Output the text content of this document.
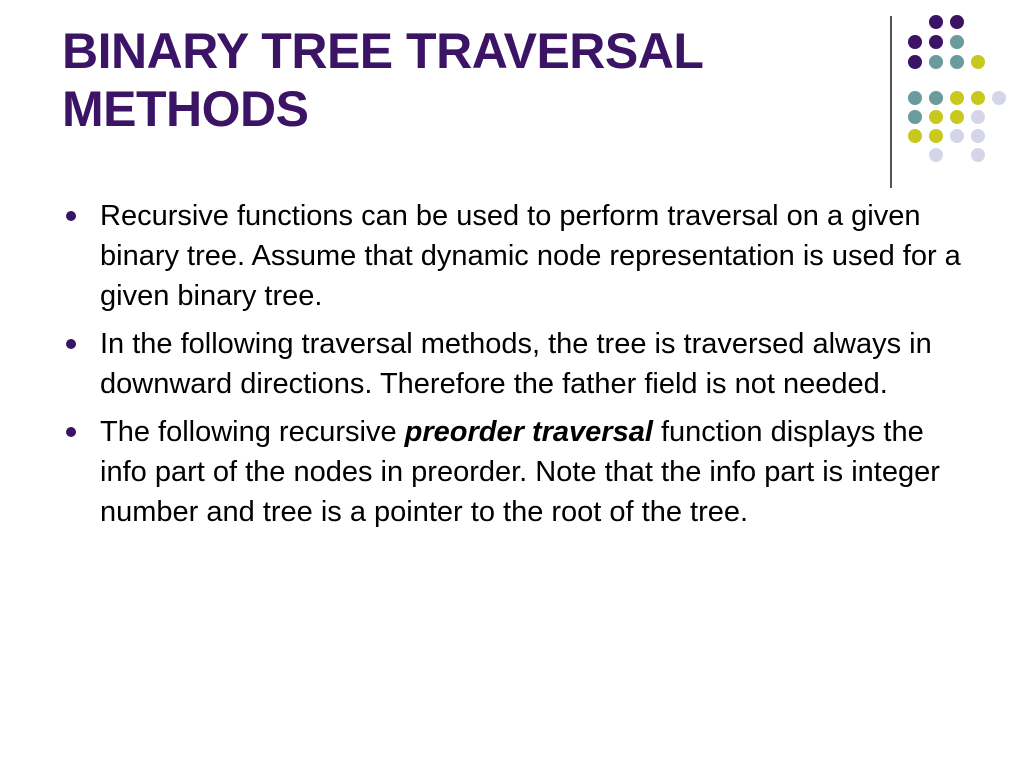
BINARY TREE TRAVERSAL
METHODS
Recursive functions can be used to perform traversal on a given binary tree. Assume that dynamic node representation is used for a given binary tree.
In the following traversal methods, the tree is traversed always in downward directions. Therefore the father field is not needed.
The following recursive preorder traversal function displays the info part of the nodes in preorder. Note that the info part is integer number and tree is a pointer to the root of the tree.
